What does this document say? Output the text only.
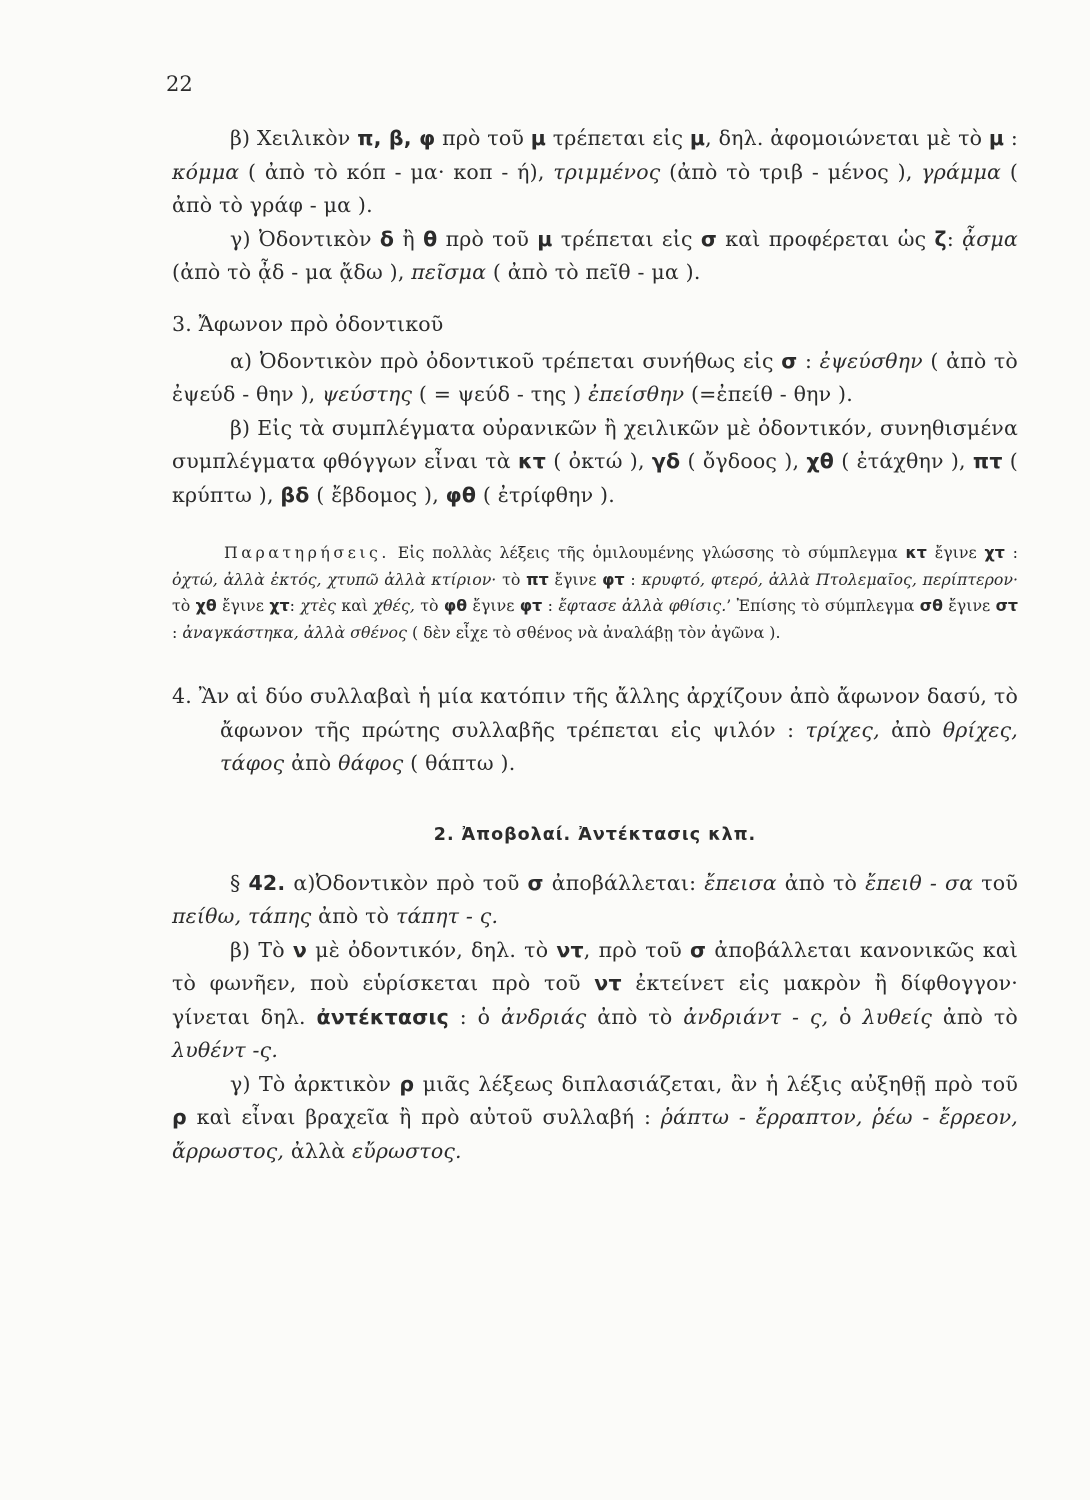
22

β) Χειλικὸν π, β, φ πρὸ τοῦ μ τρέπεται εἰς μ, δηλ. ἀφομοιώνεται μὲ τὸ μ : κόμμα ( ἀπὸ τὸ κόπ - μα· κοπ - ή), τριμμένος (ἀπὸ τὸ τριβ - μένος ), γράμμα ( ἀπὸ τὸ γράφ - μα ).

γ) Ὀδοντικὸν δ ἢ θ πρὸ τοῦ μ τρέπεται εἰς σ καὶ προφέρεται ὡς ζ: ᾆσμα (ἀπὸ τὸ ᾆδ - μα ᾄδω ), πεῖσμα ( ἀπὸ τὸ πεῖθ - μα ).

3. Ἄφωνον πρὸ ὀδοντικοῦ

α) Ὀδοντικὸν πρὸ ὀδοντικοῦ τρέπεται συνήθως εἰς σ : ἐψεύσθην ( ἀπὸ τὸ ἐψεύδ - θην ), ψεύστης ( = ψεύδ - της ) ἐπείσθην (=ἐπείθ - θην ).

β) Εἰς τὰ συμπλέγματα οὐρανικῶν ἢ χειλικῶν μὲ ὀδοντικόν, συνηθισμένα συμπλέγματα φθόγγων εἶναι τὰ κτ ( ὀκτώ ), γδ ( ὄγδοος ), χθ ( ἐτάχθην ), πτ ( κρύπτω ), βδ ( ἔβδομος ), φθ ( ἐτρίφθην ).

Παρατηρήσεις. Εἰς πολλὰς λέξεις τῆς ὁμιλουμένης γλώσσης τὸ σύμπλεγμα κτ ἔγινε χτ : ὀχτώ, ἀλλὰ ἐκτός, χτυπῶ ἀλλὰ κτίριον· τὸ πτ ἔγινε φτ : κρυφτό, φτερό, ἀλλὰ Πτολεμαῖος, περίπτερον· τὸ χθ ἔγινε χτ: χτὲς καὶ χθές, τὸ φθ ἔγινε φτ : ἔφτασε ἀλλὰ φθίσις.’ Ἐπίσης τὸ σύμπλεγμα σθ ἔγινε στ : ἀναγκάστηκα, ἀλλὰ σθένος ( δὲν εἶχε τὸ σθένος νὰ ἀναλάβῃ τὸν ἀγῶνα ).

4. Ἂν αἱ δύο συλλαβαὶ ἡ μία κατόπιν τῆς ἄλλης ἀρχίζουν ἀπὸ ἄφωνον δασύ, τὸ ἄφωνον τῆς πρώτης συλλαβῆς τρέπεται εἰς ψιλόν : τρίχες, ἀπὸ θρίχες, τάφος ἀπὸ θάφος ( θάπτω ).

2. Ἀποβολαί. Ἀντέκτασις κλπ.

§ 42. α)Ὀδοντικὸν πρὸ τοῦ σ ἀποβάλλεται: ἔπεισα ἀπὸ τὸ ἔπειθ - σα τοῦ πείθω, τάπης ἀπὸ τὸ τάπητ - ς.

β) Τὸ ν μὲ ὀδοντικόν, δηλ. τὸ ντ, πρὸ τοῦ σ ἀποβάλλεται κανονικῶς καὶ τὸ φωνῆεν, ποὺ εὑρίσκεται πρὸ τοῦ ντ ἐκτείνετ εἰς μακρὸν ἢ δίφθογγον· γίνεται δηλ. ἀντέκτασις : ὁ ἀνδριάς ἀπὸ τὸ ἀνδριάντ - ς, ὁ λυθείς ἀπὸ τὸ λυθέντ -ς.

γ) Τὸ ἀρκτικὸν ρ μιᾶς λέξεως διπλασιάζεται, ἂν ἡ λέξις αὐξηθῇ πρὸ τοῦ ρ καὶ εἶναι βραχεῖα ἢ πρὸ αὐτοῦ συλλαβή : ῥάπτω - ἔρραπτον, ῥέω - ἔρρεον, ἄρρωστος, ἀλλὰ εὔρωστος.
